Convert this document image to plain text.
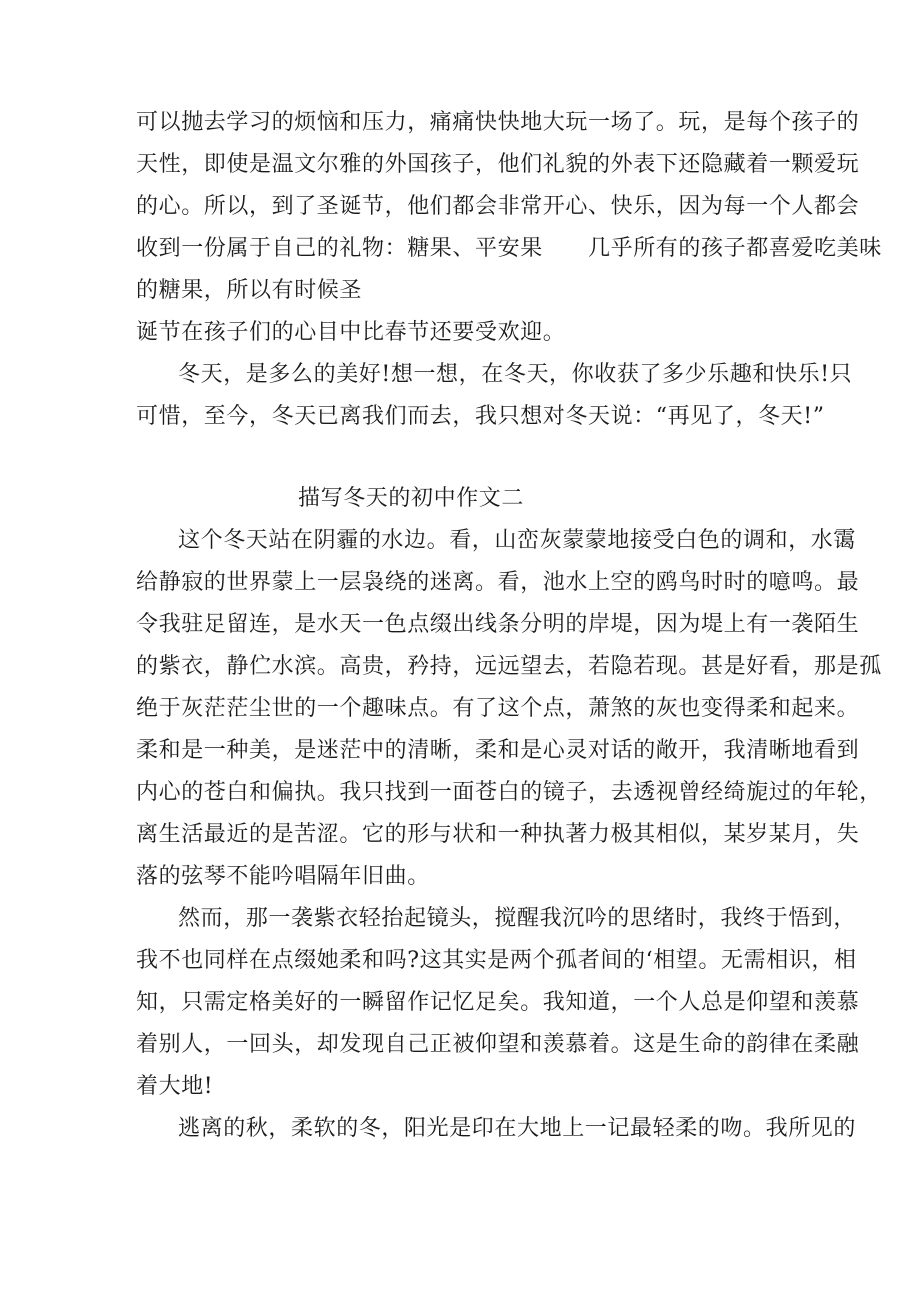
可以抛去学习的烦恼和压力，痛痛快快地大玩一场了。玩，是每个孩子的
天性，即使是温文尔雅的外国孩子，他们礼貌的外表下还隐藏着一颗爱玩
的心。所以，到了圣诞节，他们都会非常开心、快乐，因为每一个人都会
收到一份属于自己的礼物：糖果、平安果　　几乎所有的孩子都喜爱吃美味
的糖果，所以有时候圣
诞节在孩子们的心目中比春节还要受欢迎。
冬天，是多么的美好!想一想，在冬天，你收获了多少乐趣和快乐!只
可惜，至今，冬天已离我们而去，我只想对冬天说：“再见了，冬天!”
描写冬天的初中作文二
这个冬天站在阴霾的水边。看，山峦灰蒙蒙地接受白色的调和，水霭
给静寂的世界蒙上一层袅绕的迷离。看，池水上空的鸥鸟时时的噫鸣。最
令我驻足留连，是水天一色点缀出线条分明的岸堤，因为堤上有一袭陌生
的紫衣，静伫水滨。高贵，矜持，远远望去，若隐若现。甚是好看，那是孤
绝于灰茫茫尘世的一个趣味点。有了这个点，萧煞的灰也变得柔和起来。
柔和是一种美，是迷茫中的清晰，柔和是心灵对话的敞开，我清晰地看到
内心的苍白和偏执。我只找到一面苍白的镜子，去透视曾经绮旎过的年轮，
离生活最近的是苦涩。它的形与状和一种执著力极其相似，某岁某月，失
落的弦琴不能吟唱隔年旧曲。
然而，那一袭紫衣轻抬起镜头，搅醒我沉吟的思绪时，我终于悟到，
我不也同样在点缀她柔和吗?这其实是两个孤者间的‘相望。无需相识，相
知，只需定格美好的一瞬留作记忆足矣。我知道，一个人总是仰望和羡慕
着别人，一回头，却发现自己正被仰望和羡慕着。这是生命的韵律在柔融
着大地!
逃离的秋，柔软的冬，阳光是印在大地上一记最轻柔的吻。我所见的
